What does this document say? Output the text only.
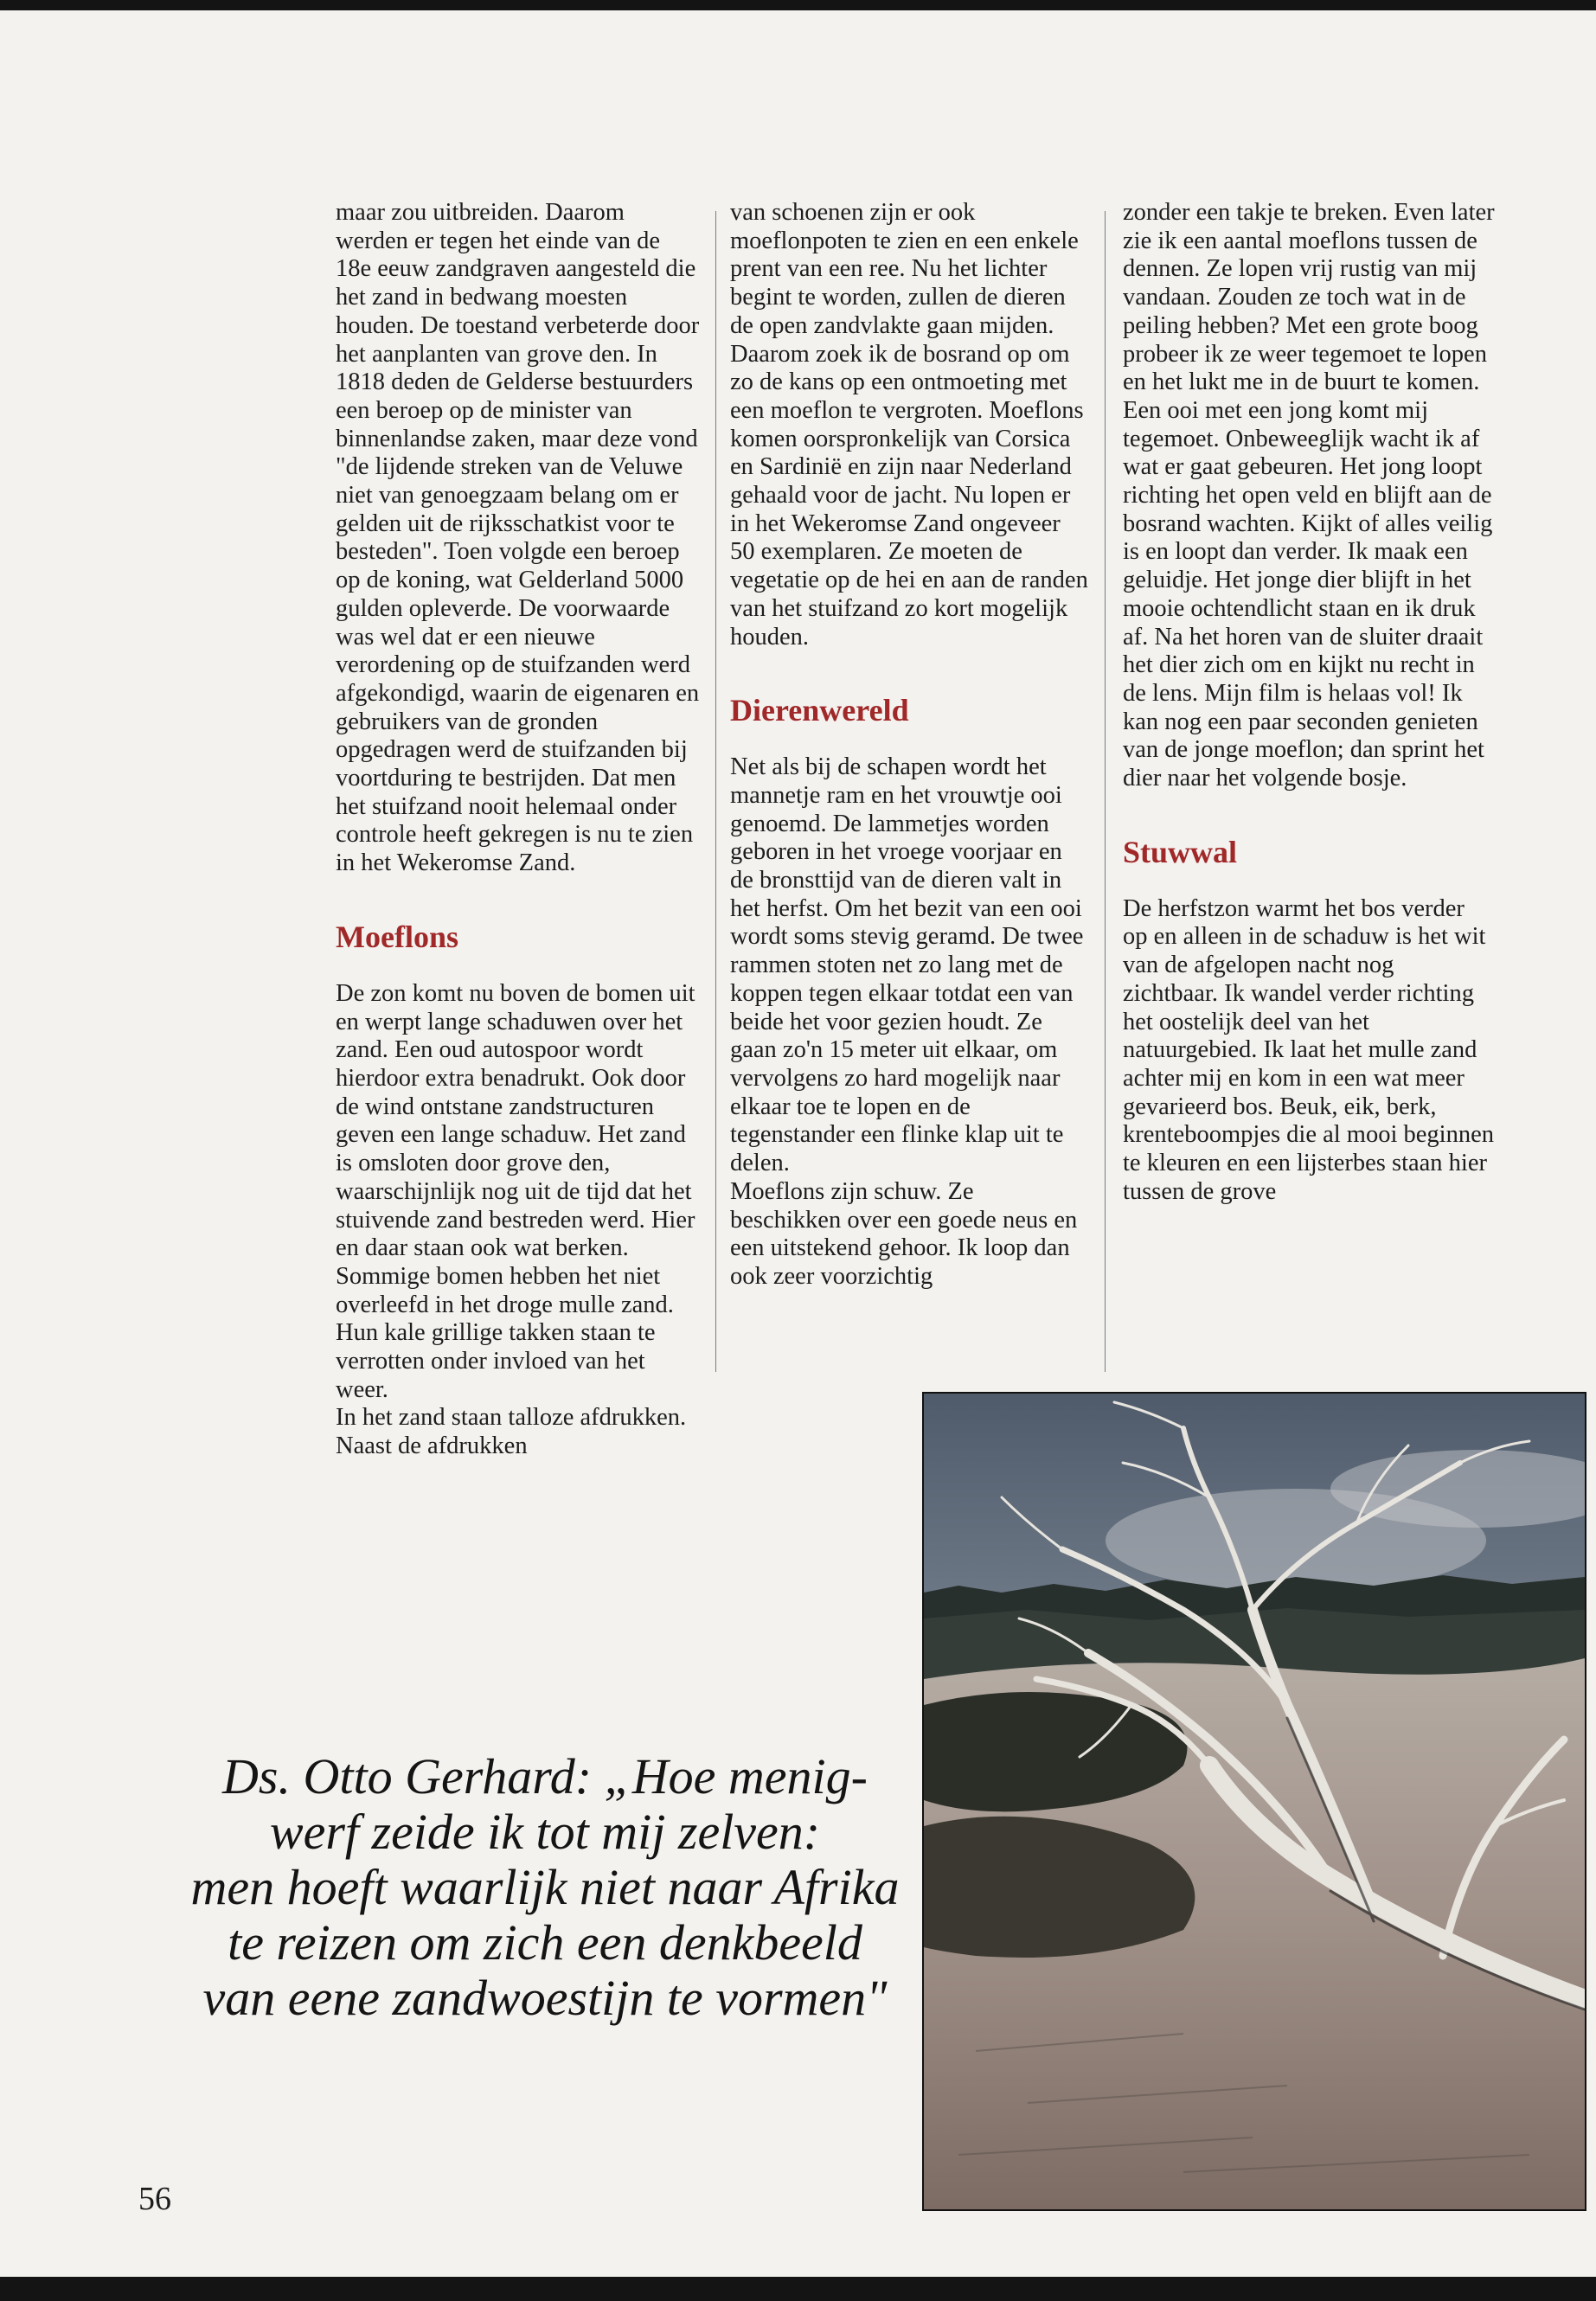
maar zou uitbreiden. Daarom werden er tegen het einde van de 18e eeuw zandgraven aangesteld die het zand in bedwang moesten houden. De toestand verbeterde door het aanplanten van grove den. In 1818 deden de Gelderse bestuurders een beroep op de minister van binnenlandse zaken, maar deze vond "de lijdende streken van de Veluwe niet van genoegzaam belang om er gelden uit de rijksschatkist voor te besteden". Toen volgde een beroep op de koning, wat Gelderland 5000 gulden opleverde. De voorwaarde was wel dat er een nieuwe verordening op de stuifzanden werd afgekondigd, waarin de eigenaren en gebruikers van de gronden opgedragen werd de stuifzanden bij voortduring te bestrijden. Dat men het stuifzand nooit helemaal onder controle heeft gekregen is nu te zien in het Wekeromse Zand.

Moeflons

De zon komt nu boven de bomen uit en werpt lange schaduwen over het zand. Een oud autospoor wordt hierdoor extra benadrukt. Ook door de wind ontstane zandstructuren geven een lange schaduw. Het zand is omsloten door grove den, waarschijnlijk nog uit de tijd dat het stuivende zand bestreden werd. Hier en daar staan ook wat berken. Sommige bomen hebben het niet overleefd in het droge mulle zand. Hun kale grillige takken staan te verrotten onder invloed van het weer.

In het zand staan talloze afdrukken. Naast de afdrukken

van schoenen zijn er ook moeflonpoten te zien en een enkele prent van een ree. Nu het lichter begint te worden, zullen de dieren de open zandvlakte gaan mijden. Daarom zoek ik de bosrand op om zo de kans op een ontmoeting met een moeflon te vergroten. Moeflons komen oorspronkelijk van Corsica en Sardinië en zijn naar Nederland gehaald voor de jacht. Nu lopen er in het Wekeromse Zand ongeveer 50 exemplaren. Ze moeten de vegetatie op de hei en aan de randen van het stuifzand zo kort mogelijk houden.

Dierenwereld

Net als bij de schapen wordt het mannetje ram en het vrouwtje ooi genoemd. De lammetjes worden geboren in het vroege voorjaar en de bronsttijd van de dieren valt in het herfst. Om het bezit van een ooi wordt soms stevig geramd. De twee rammen stoten net zo lang met de koppen tegen elkaar totdat een van beide het voor gezien houdt. Ze gaan zo'n 15 meter uit elkaar, om vervolgens zo hard mogelijk naar elkaar toe te lopen en de tegenstander een flinke klap uit te delen.

Moeflons zijn schuw. Ze beschikken over een goede neus en een uitstekend gehoor. Ik loop dan ook zeer voorzichtig

zonder een takje te breken. Even later zie ik een aantal moeflons tussen de dennen. Ze lopen vrij rustig van mij vandaan. Zouden ze toch wat in de peiling hebben? Met een grote boog probeer ik ze weer tegemoet te lopen en het lukt me in de buurt te komen.

Een ooi met een jong komt mij tegemoet. Onbeweeglijk wacht ik af wat er gaat gebeuren. Het jong loopt richting het open veld en blijft aan de bosrand wachten. Kijkt of alles veilig is en loopt dan verder. Ik maak een geluidje. Het jonge dier blijft in het mooie ochtendlicht staan en ik druk af. Na het horen van de sluiter draait het dier zich om en kijkt nu recht in de lens. Mijn film is helaas vol! Ik kan nog een paar seconden genieten van de jonge moeflon; dan sprint het dier naar het volgende bosje.

Stuwwal

De herfstzon warmt het bos verder op en alleen in de schaduw is het wit van de afgelopen nacht nog zichtbaar. Ik wandel verder richting het oostelijk deel van het natuurgebied. Ik laat het mulle zand achter mij en kom in een wat meer gevarieerd bos. Beuk, eik, berk, krenteboompjes die al mooi beginnen te kleuren en een lijsterbes staan hier tussen de grove

Ds. Otto Gerhard: „Hoe menig-

werf zeide ik tot mij zelven:

men hoeft waarlijk niet naar Afrika

te reizen om zich een denkbeeld

van eene zandwoestijn te vormen"

56
